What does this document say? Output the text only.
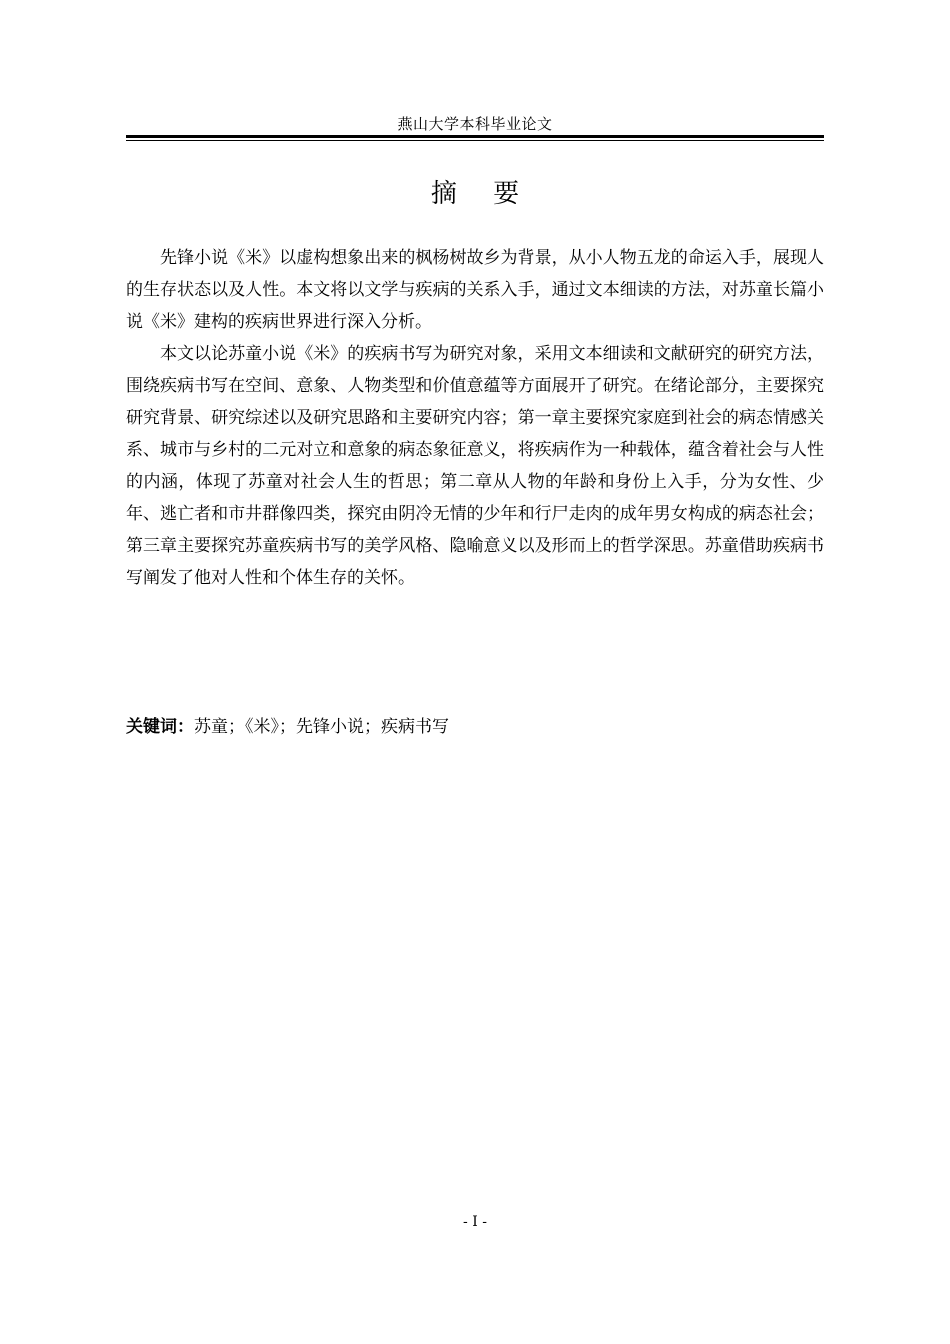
燕山大学本科毕业论文
摘 要

先锋小说《米》以虚构想象出来的枫杨树故乡为背景，从小人物五龙的命运入手，展现人的生存状态以及人性。本文将以文学与疾病的关系入手，通过文本细读的方法，对苏童长篇小说《米》建构的疾病世界进行深入分析。

本文以论苏童小说《米》的疾病书写为研究对象，采用文本细读和文献研究的研究方法，围绕疾病书写在空间、意象、人物类型和价值意蕴等方面展开了研究。在绪论部分，主要探究研究背景、研究综述以及研究思路和主要研究内容；第一章主要探究家庭到社会的病态情感关系、城市与乡村的二元对立和意象的病态象征意义，将疾病作为一种载体，蕴含着社会与人性的内涵，体现了苏童对社会人生的哲思；第二章从人物的年龄和身份上入手，分为女性、少年、逃亡者和市井群像四类，探究由阴冷无情的少年和行尸走肉的成年男女构成的病态社会；第三章主要探究苏童疾病书写的美学风格、隐喻意义以及形而上的哲学深思。苏童借助疾病书写阐发了他对人性和个体生存的关怀。

关键词：苏童；《米》；先锋小说；疾病书写
- I -
